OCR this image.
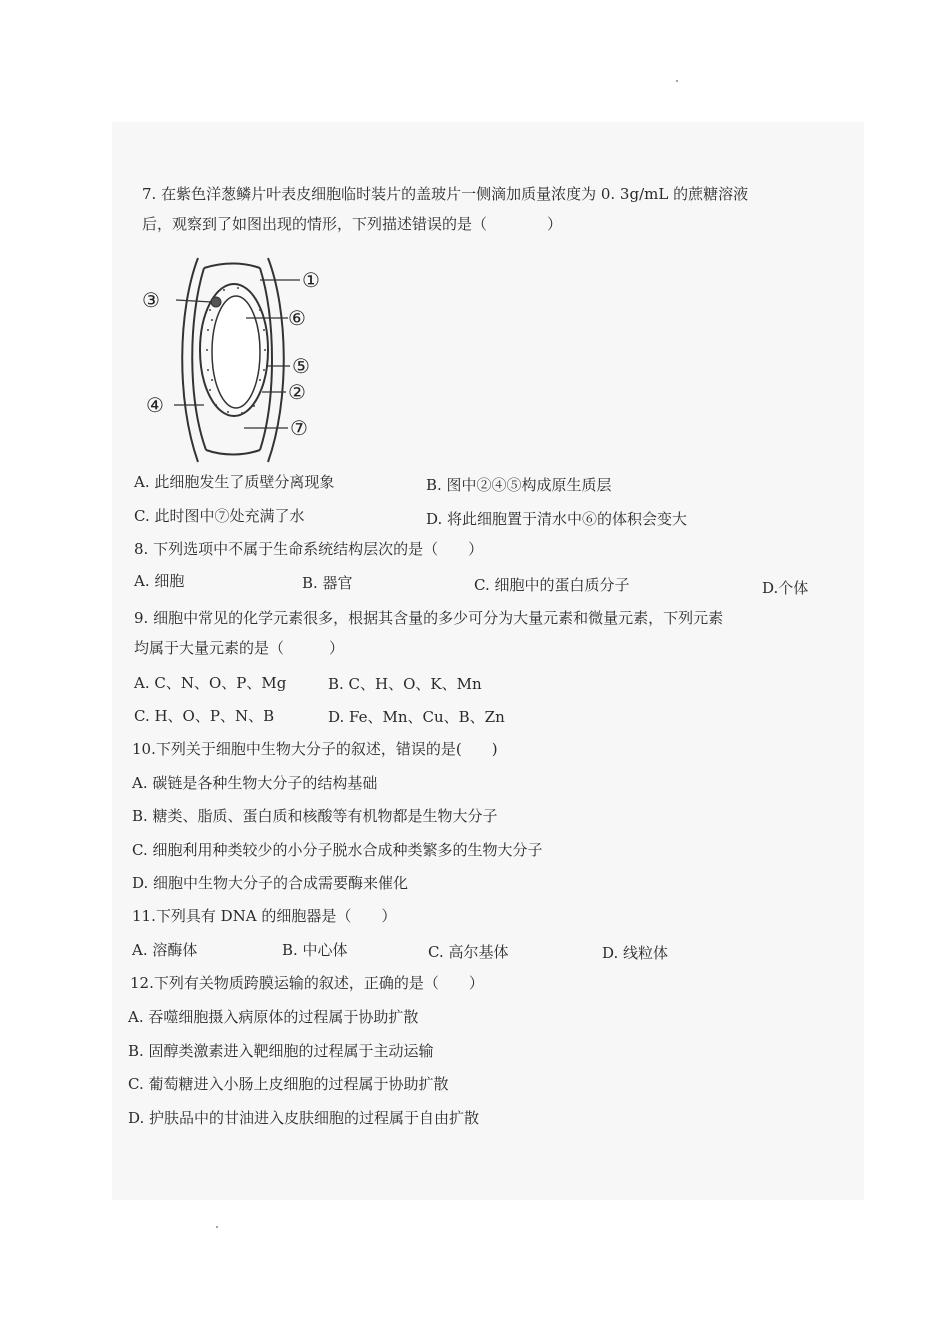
7. 在紫色洋葱鳞片叶表皮细胞临时装片的盖玻片一侧滴加质量浓度为 0. 3g/mL 的蔗糖溶液
后，观察到了如图出现的情形，下列描述错误的是（　　　　）
①
⑥
⑤
②
⑦
③
④
A. 此细胞发生了质壁分离现象	B. 图中②④⑤构成原生质层
C. 此时图中⑦处充满了水	D. 将此细胞置于清水中⑥的体积会变大
8. 下列选项中不属于生命系统结构层次的是（　　）
A. 细胞	B. 器官	C. 细胞中的蛋白质分子	D.个体
9. 细胞中常见的化学元素很多，根据其含量的多少可分为大量元素和微量元素，下列元素
均属于大量元素的是（　　　）
A. C、N、O、P、Mg	B. C、H、O、K、Mn
C. H、O、P、N、B	D. Fe、Mn、Cu、B、Zn
10.下列关于细胞中生物大分子的叙述，错误的是(　　)
A. 碳链是各种生物大分子的结构基础
B. 糖类、脂质、蛋白质和核酸等有机物都是生物大分子
C. 细胞利用种类较少的小分子脱水合成种类繁多的生物大分子
D. 细胞中生物大分子的合成需要酶来催化
11.下列具有 DNA 的细胞器是（　　）
A. 溶酶体	B. 中心体	C. 高尔基体	D. 线粒体
12.下列有关物质跨膜运输的叙述，正确的是（　　）
A. 吞噬细胞摄入病原体的过程属于协助扩散
B. 固醇类激素进入靶细胞的过程属于主动运输
C. 葡萄糖进入小肠上皮细胞的过程属于协助扩散
D. 护肤品中的甘油进入皮肤细胞的过程属于自由扩散
